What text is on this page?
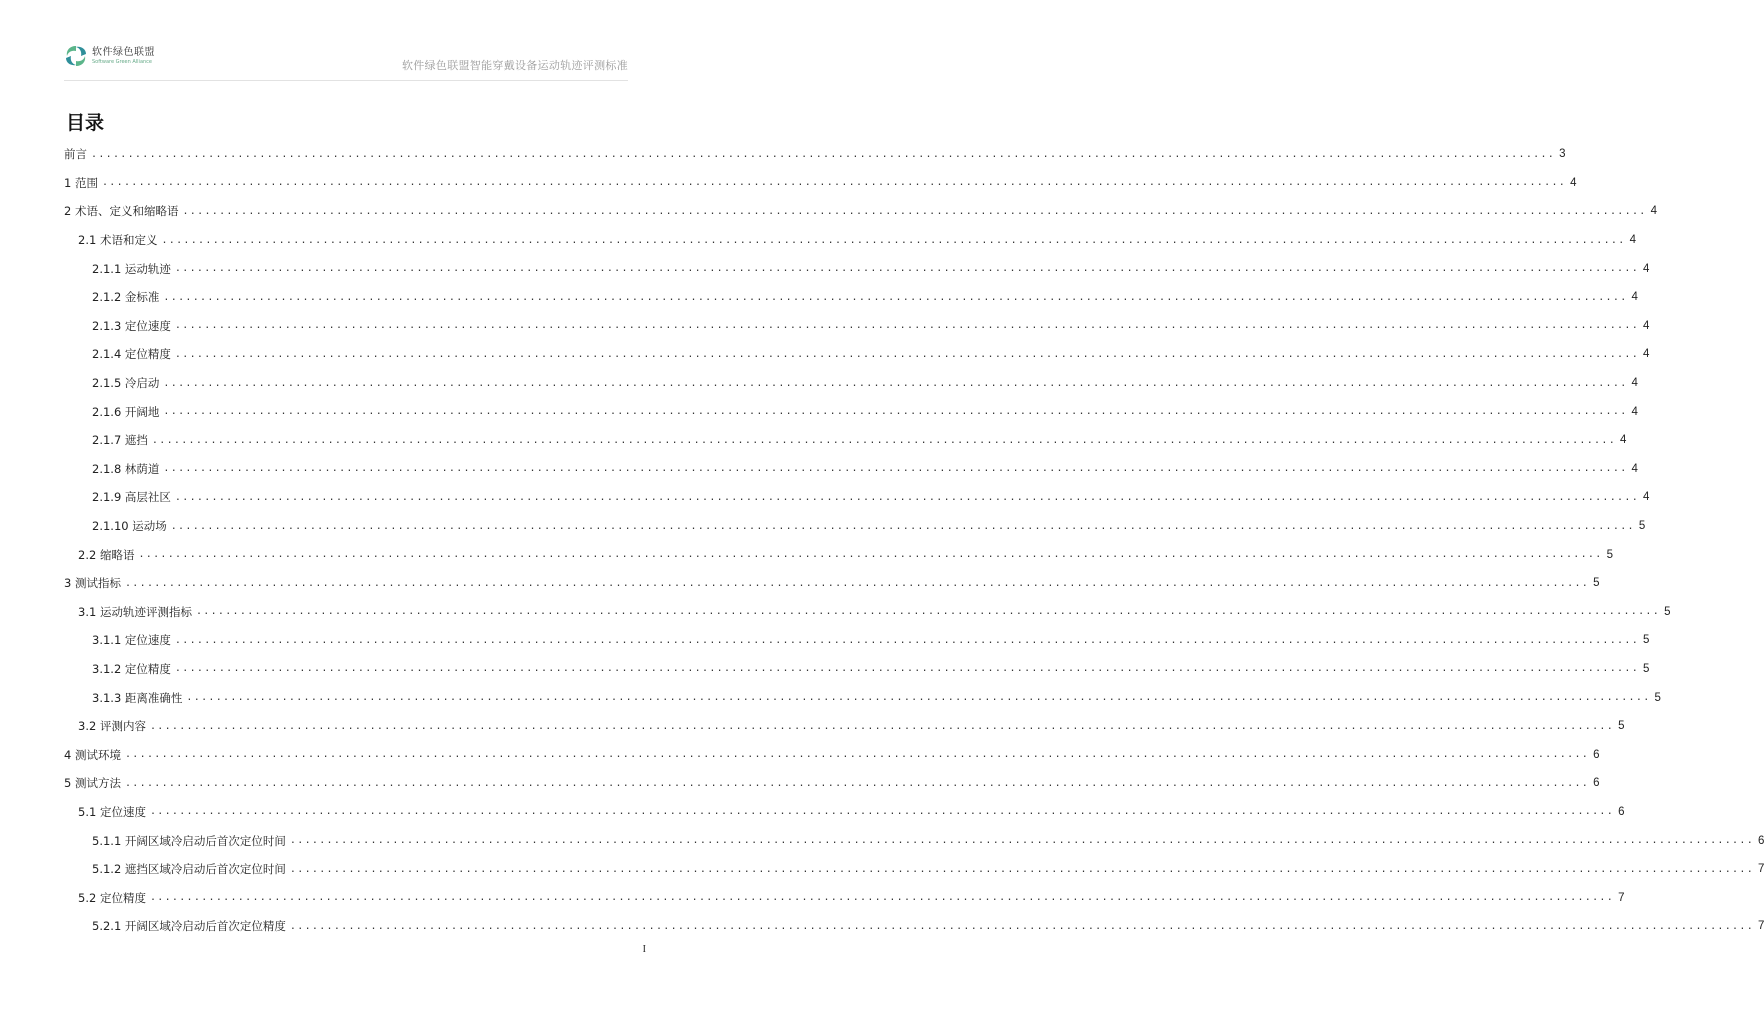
软件绿色联盟
Software Green Alliance	软件绿色联盟智能穿戴设备运动轨迹评测标准
目录
前言 ........................................................................................................................................................................................................ 3
1 范围 ........................................................................................................................................................................................................ 4
2 术语、定义和缩略语 ........................................................................................................................................................................................................ 4
2.1 术语和定义 ........................................................................................................................................................................................................ 4
2.1.1 运动轨迹 ........................................................................................................................................................................................................ 4
2.1.2 金标准 ........................................................................................................................................................................................................ 4
2.1.3 定位速度 ........................................................................................................................................................................................................ 4
2.1.4 定位精度 ........................................................................................................................................................................................................ 4
2.1.5 冷启动 ........................................................................................................................................................................................................ 4
2.1.6 开阔地 ........................................................................................................................................................................................................ 4
2.1.7 遮挡 ........................................................................................................................................................................................................ 4
2.1.8 林荫道 ........................................................................................................................................................................................................ 4
2.1.9 高层社区 ........................................................................................................................................................................................................ 4
2.1.10 运动场 ........................................................................................................................................................................................................ 5
2.2 缩略语 ........................................................................................................................................................................................................ 5
3 测试指标 ........................................................................................................................................................................................................ 5
3.1 运动轨迹评测指标 ........................................................................................................................................................................................................ 5
3.1.1 定位速度 ........................................................................................................................................................................................................ 5
3.1.2 定位精度 ........................................................................................................................................................................................................ 5
3.1.3 距离准确性 ........................................................................................................................................................................................................ 5
3.2 评测内容 ........................................................................................................................................................................................................ 5
4 测试环境 ........................................................................................................................................................................................................ 6
5 测试方法 ........................................................................................................................................................................................................ 6
5.1 定位速度 ........................................................................................................................................................................................................ 6
5.1.1 开阔区域冷启动后首次定位时间 ........................................................................................................................................................................................................ 6
5.1.2 遮挡区域冷启动后首次定位时间 ........................................................................................................................................................................................................ 7
5.2 定位精度 ........................................................................................................................................................................................................ 7
5.2.1 开阔区域冷启动后首次定位精度 ........................................................................................................................................................................................................ 7
I
